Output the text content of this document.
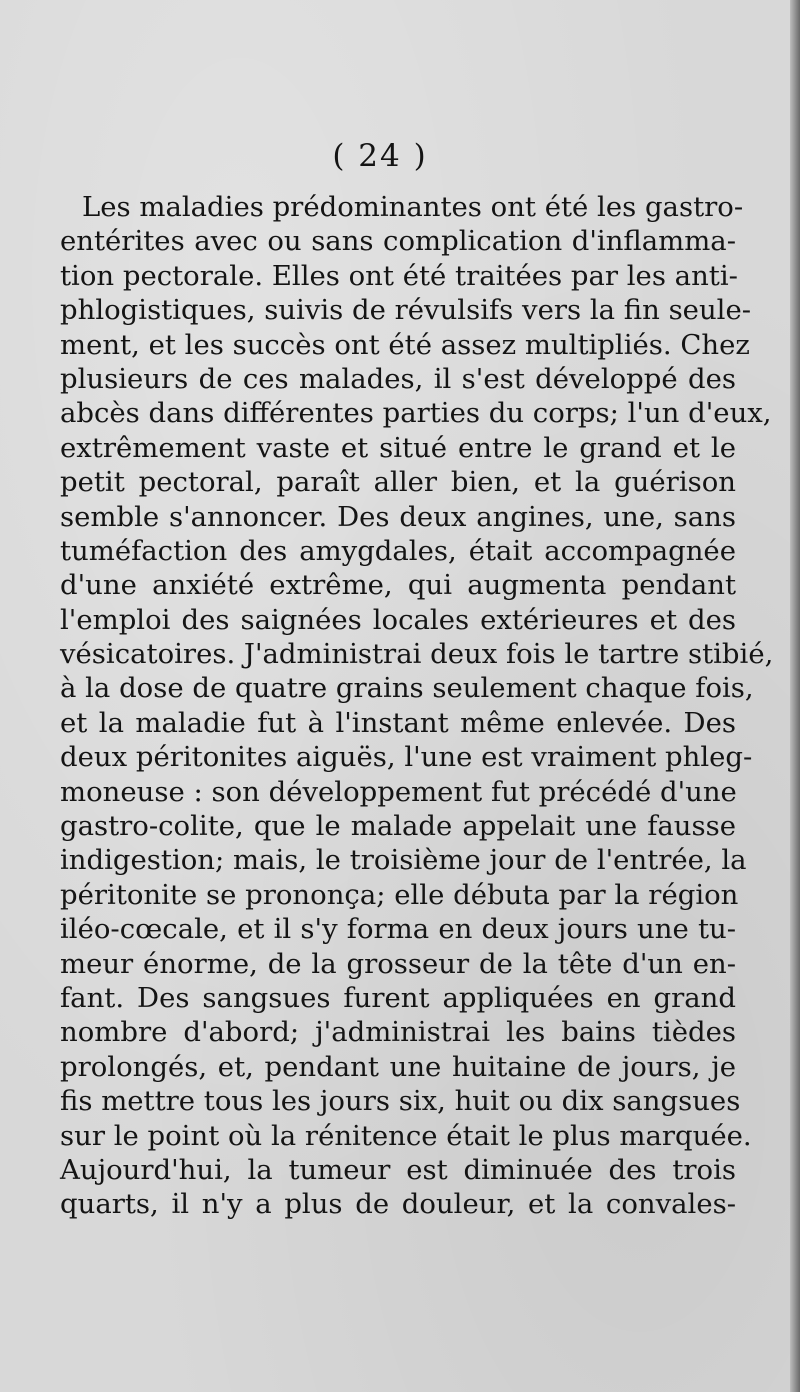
( 24 )
Les maladies prédominantes ont été les gastro-
entérites avec ou sans complication d'inflamma-
tion pectorale. Elles ont été traitées par les anti-
phlogistiques, suivis de révulsifs vers la fin seule-
ment, et les succès ont été assez multipliés. Chez
plusieurs de ces malades, il s'est développé des
abcès dans différentes parties du corps; l'un d'eux,
extrêmement vaste et situé entre le grand et le
petit pectoral, paraît aller bien, et la guérison
semble s'annoncer. Des deux angines, une, sans
tuméfaction des amygdales, était accompagnée
d'une anxiété extrême, qui augmenta pendant
l'emploi des saignées locales extérieures et des
vésicatoires. J'administrai deux fois le tartre stibié,
à la dose de quatre grains seulement chaque fois,
et la maladie fut à l'instant même enlevée. Des
deux péritonites aiguës, l'une est vraiment phleg-
moneuse : son développement fut précédé d'une
gastro-colite, que le malade appelait une fausse
indigestion; mais, le troisième jour de l'entrée, la
péritonite se prononça; elle débuta par la région
iléo-cœcale, et il s'y forma en deux jours une tu-
meur énorme, de la grosseur de la tête d'un en-
fant. Des sangsues furent appliquées en grand
nombre d'abord; j'administrai les bains tièdes
prolongés, et, pendant une huitaine de jours, je
fis mettre tous les jours six, huit ou dix sangsues
sur le point où la rénitence était le plus marquée.
Aujourd'hui, la tumeur est diminuée des trois
quarts, il n'y a plus de douleur, et la convales-
